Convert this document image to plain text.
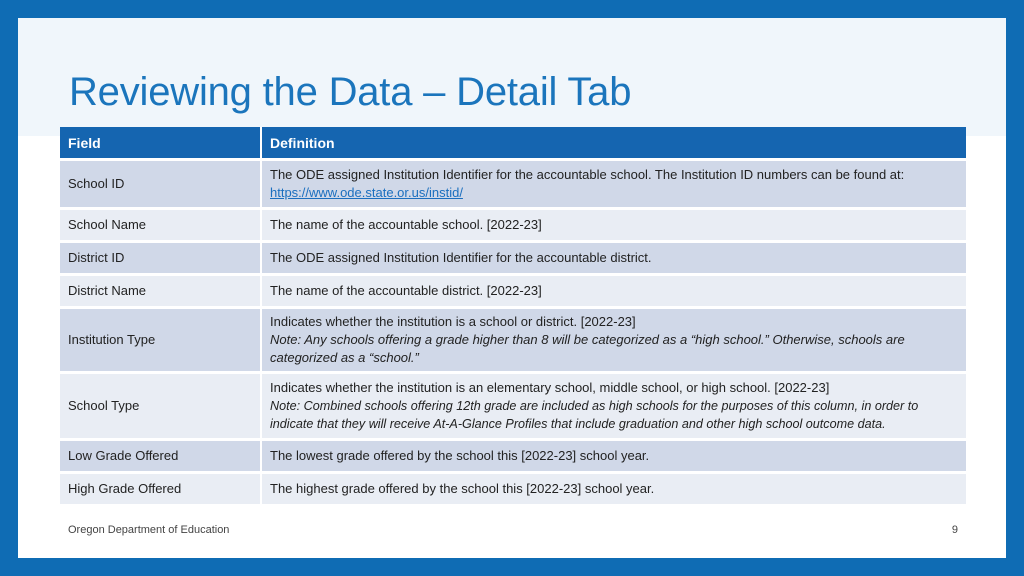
Reviewing the Data – Detail Tab
Field	Definition
School ID	The ODE assigned Institution Identifier for the accountable school. The Institution ID numbers can be found at:
https://www.ode.state.or.us/instid/
School Name	The name of the accountable school. [2022-23]
District ID	The ODE assigned Institution Identifier for the accountable district.
District Name	The name of the accountable district. [2022-23]
Institution Type	Indicates whether the institution is a school or district. [2022-23]
Note: Any schools offering a grade higher than 8 will be categorized as a “high school.” Otherwise, schools are categorized as a “school.”
School Type	Indicates whether the institution is an elementary school, middle school, or high school. [2022-23]
Note: Combined schools offering 12th grade are included as high schools for the purposes of this column, in order to indicate that they will receive At-A-Glance Profiles that include graduation and other high school outcome data.
Low Grade Offered	The lowest grade offered by the school this [2022-23] school year.
High Grade Offered	The highest grade offered by the school this [2022-23] school year.
Oregon Department of Education	9
